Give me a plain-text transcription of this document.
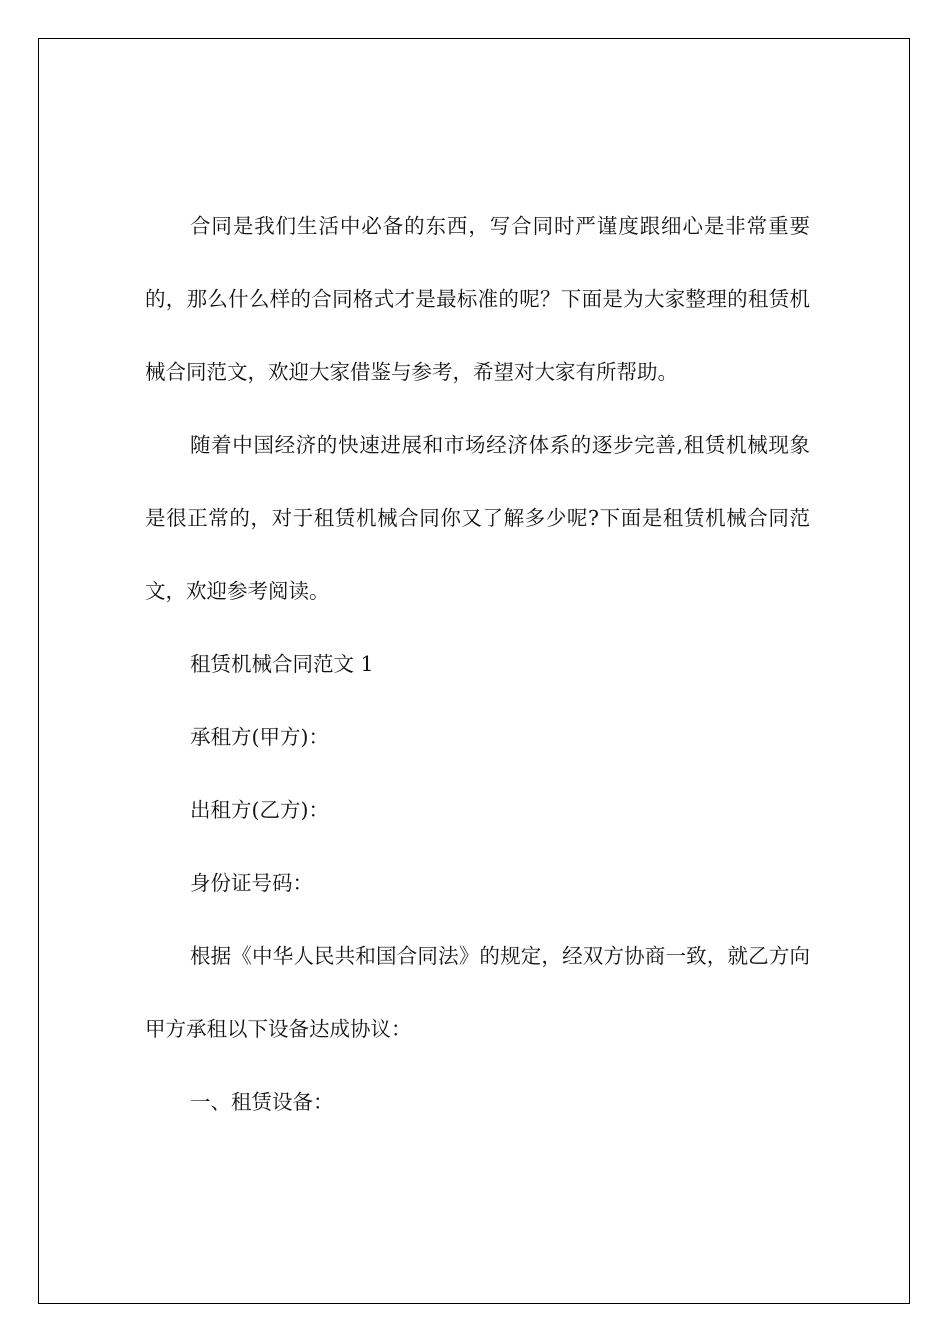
合同是我们生活中必备的东西，写合同时严谨度跟细心是非常重要的，那么什么样的合同格式才是最标准的呢？下面是为大家整理的租赁机械合同范文，欢迎大家借鉴与参考，希望对大家有所帮助。

随着中国经济的快速进展和市场经济体系的逐步完善,租赁机械现象是很正常的，对于租赁机械合同你又了解多少呢?下面是租赁机械合同范文，欢迎参考阅读。

租赁机械合同范文 1

承租方(甲方)：

出租方(乙方)：

身份证号码：

根据《中华人民共和国合同法》的规定，经双方协商一致，就乙方向甲方承租以下设备达成协议：

一、租赁设备：
